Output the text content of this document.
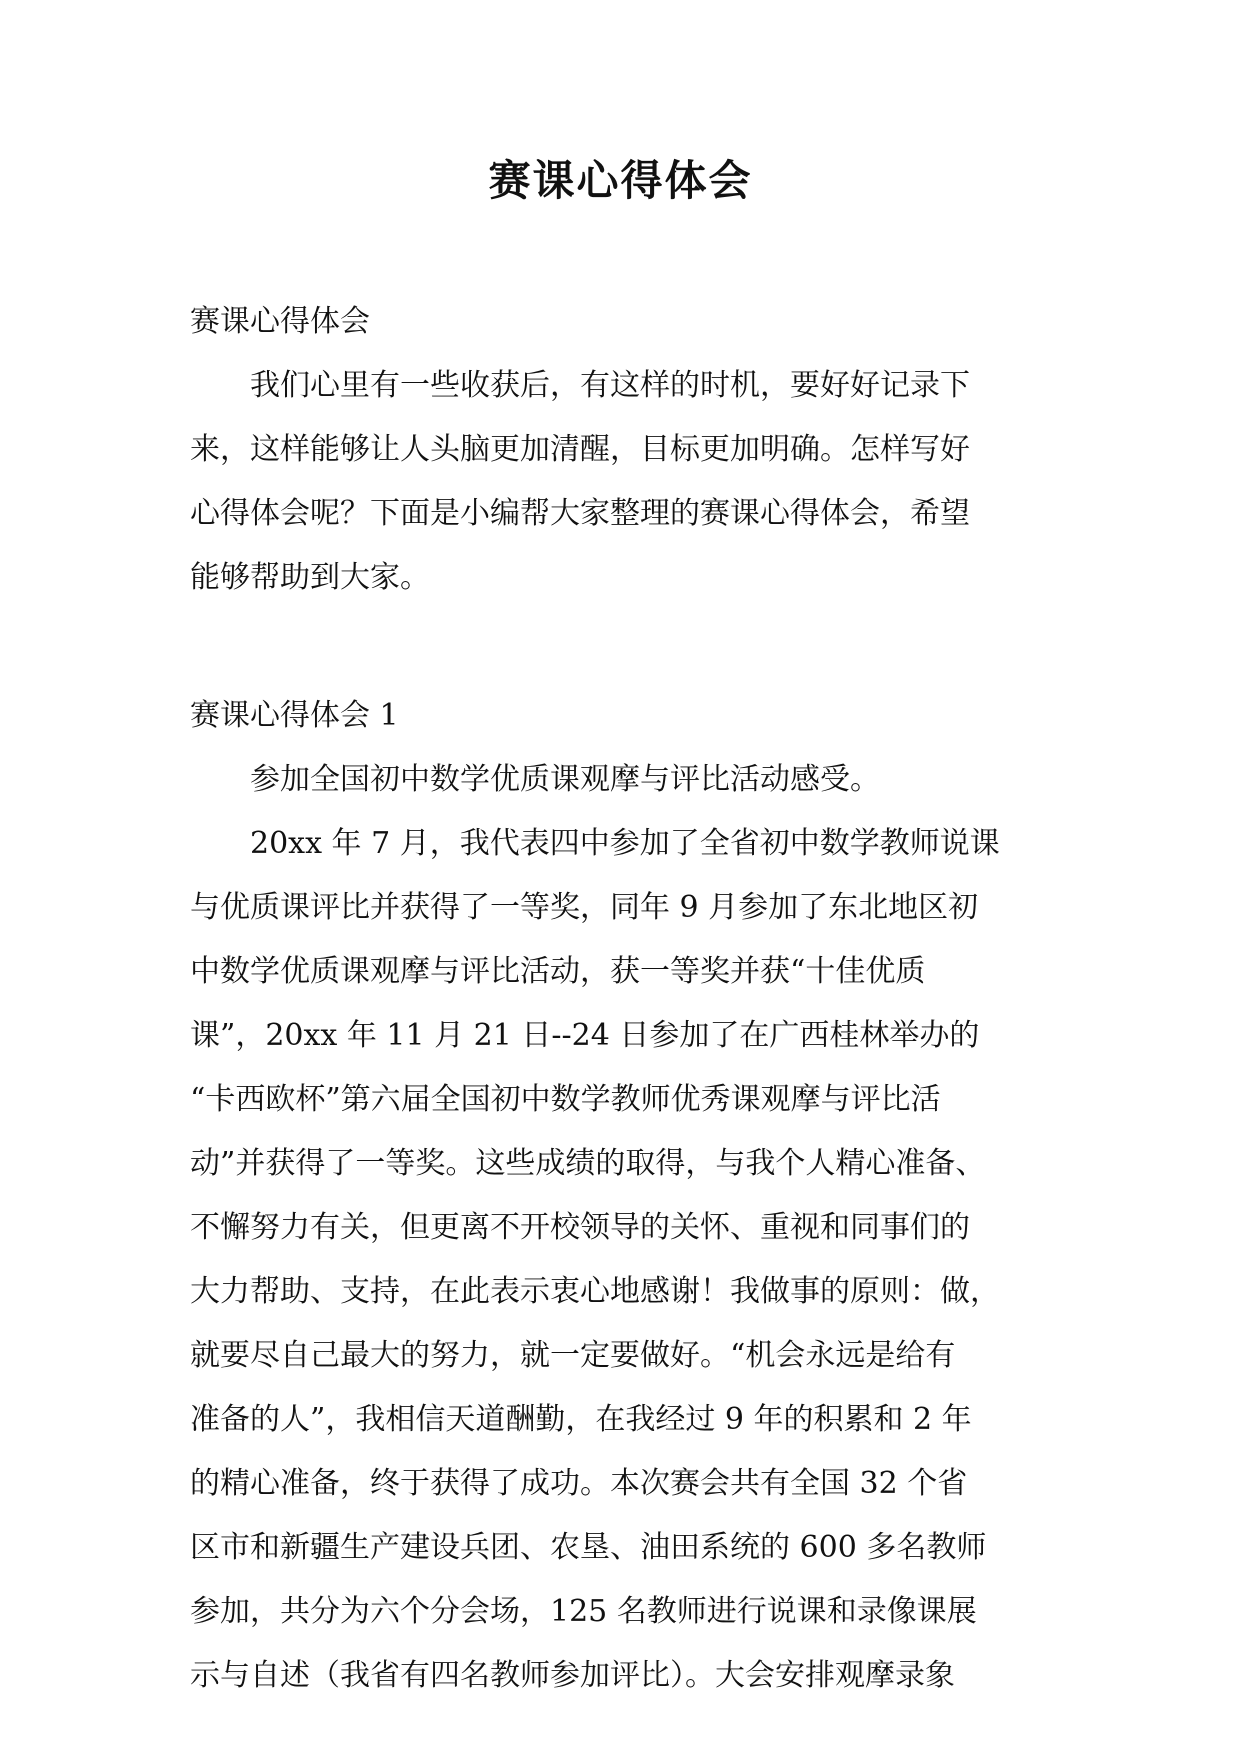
赛课心得体会

赛课心得体会

　　我们心里有一些收获后，有这样的时机，要好好记录下

来，这样能够让人头脑更加清醒，目标更加明确。怎样写好

心得体会呢？下面是小编帮大家整理的赛课心得体会，希望

能够帮助到大家。

赛课心得体会 1

　　参加全国初中数学优质课观摩与评比活动感受。

　　20xx 年 7 月，我代表四中参加了全省初中数学教师说课

与优质课评比并获得了一等奖，同年 9 月参加了东北地区初

中数学优质课观摩与评比活动，获一等奖并获“十佳优质

课”，20xx 年 11 月 21 日--24 日参加了在广西桂林举办的

“卡西欧杯”第六届全国初中数学教师优秀课观摩与评比活

动”并获得了一等奖。这些成绩的取得，与我个人精心准备、

不懈努力有关，但更离不开校领导的关怀、重视和同事们的

大力帮助、支持，在此表示衷心地感谢！我做事的原则：做，

就要尽自己最大的努力，就一定要做好。“机会永远是给有

准备的人”，我相信天道酬勤，在我经过 9 年的积累和 2 年

的精心准备，终于获得了成功。本次赛会共有全国 32 个省

区市和新疆生产建设兵团、农垦、油田系统的 600 多名教师

参加，共分为六个分会场，125 名教师进行说课和录像课展

示与自述（我省有四名教师参加评比）。大会安排观摩录象
